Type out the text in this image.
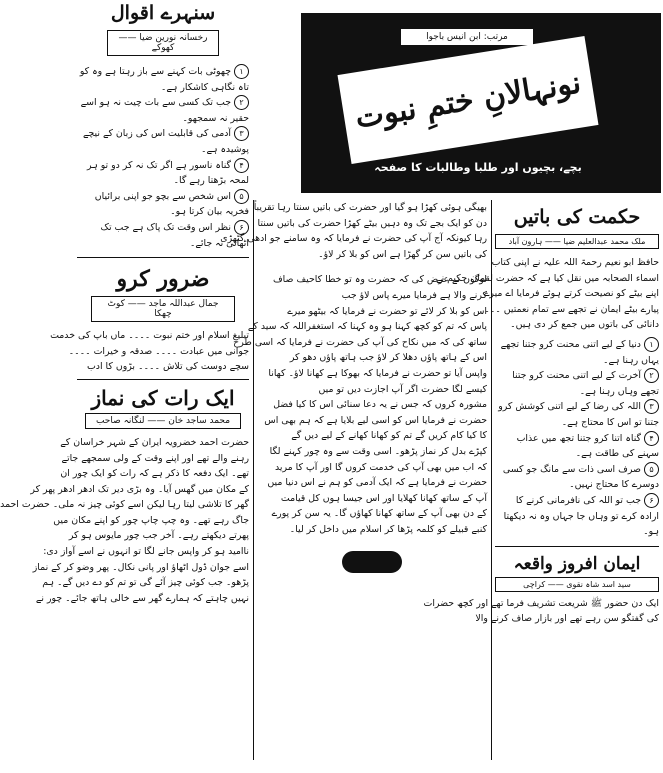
سنہرے اقوال
رخسانہ نورین ضیا —— کھوکے
۱چھوٹی بات کہنے سے باز رہتا ہے وہ کو تاہ نگاہی کاشکار ہے۔
۲جب تک کسی سے بات چیت نہ ہو اسے حقیر نہ سمجھو۔
۳آدمی کی قابلیت اس کی زبان کے نیچے پوشیدہ ہے۔
۴گناہ ناسور ہے اگر تک نہ کر دو تو ہر لمحہ بڑھتا رہے گا۔
۵اس شخص سے بچو جو اپنی برائیاں فخریہ بیان کرتا ہو۔
۶نظر اس وقت تک پاک ہے جب تک اٹھائی نہ جائے۔
ضرور کرو
جمال عبداللہ ماجد —— کوٹ چھکا
تبلیغ اسلام اور ختم نبوت ۔۔۔۔ ماں باپ کی خدمت
جوانی میں عبادت ۔۔۔۔ صدقہ و خیرات ۔۔۔۔
سچے دوست کی تلاش ۔۔۔۔ بڑوں کا ادب
ایک رات کی نماز
محمد ساجد خان —— لنگانہ صاحب
حضرت احمد خضرویہ ایران کے شہر خراسان کے
رہنے والے تھے اور اپنے وقت کے ولی سمجھے جاتے
تھے۔ ایک دفعہ کا ذکر ہے کہ رات کو ایک چور ان
کے مکان میں گھس آیا۔ وہ بڑی دیر تک ادھر ادھر پھر کر
گھر کا تلاشی لیتا رہا لیکن اسے کوئی چیز نہ ملی۔ حضرت احمد
جاگ رہے تھے۔ وہ چپ چاپ چور کو اپنے مکان میں
پھرتے دیکھتے رہے۔ آخر جب چور مایوس ہو کر
ناامید ہو کر واپس جانے لگا تو انہوں نے اسے آواز دی:
اسے جوان ڈول اٹھاؤ اور پانی نکال۔ پھر وضو کر کے نماز
پڑھو۔ جب کوئی چیز آئے گی تو تم کو دے دیں گے۔ ہم
نہیں چاہتے کہ ہمارے گھر سے خالی ہاتھ جائے۔ چور نے
مرتب: ابن انیس باجوا
نونہالانِ ختمِ نبوت
بچے، بچیوں اور طلبا وطالبات کا صفحہ
بھیگی ہوئی کھڑا ہو گیا اور حضرت کی باتیں سنتا رہا تقریباً
دن کو ایک بجے تک وہ دہیں بیٹے کھڑا حضرت کی باتیں سنتا
رہا کیونکہ آج آپ کی حضرت نے فرمایا کہ وہ سامنے جو ادھی گٹھڑی
کی باتیں سن کر گھڑا ہے اس کو بلا کر لاؤ۔
لوگوں نے عرض کی کہ حضرت وہ تو خطا کاحیف صاف
کرنے والا ہے فرمایا میرے پاس لاؤ جب
اس کو بلا کر لائے تو حضرت نے فرمایا کہ بیٹھو میرے
پاس کہ تم کو کچھ کہنا ہو وہ کہنا کہ استغفراللہ کہ سید کے
ساتھ کی کہ میں نکاح کی آپ کی حضرت نے فرمایا کہ اسی طرح
اس کے ہاتھ پاؤں دھلا کر لاؤ جب ہاتھ پاؤں دھو کر
واپس آیا تو حضرت نے فرمایا کہ بھوکا ہے کھانا لاؤ۔ کھانا
کیسے لگا حضرت اگر آپ اجازت دیں تو میں
مشورہ کروں کہ جس نے یہ دعا سنائی اس کا کیا فضل
حضرت نے فرمایا اس کو اسی لیے بلایا ہے کہ ہم بھی اس
کا کیا کام کریں گے تم کو کھانا کھانے کے لیے دیں گے
کپڑے بدل کر نماز پڑھو۔ اسی وقت سے وہ چور کہنے لگا
کہ اب میں بھی آپ کی خدمت کروں گا اور آپ کا مرید
حضرت نے فرمایا ہے کہ ایک آدمی کو ہم نے اس دنیا میں
آپ کے ساتھ کھانا کھلایا اور اس جیسا ہوں کل قیامت
کے دن بھی آپ کے ساتھ کھانا کھاؤں گا۔ یہ سن کر پورے
کنبے قبیلے کو کلمہ پڑھا کر اسلام میں داخل کر لیا۔
حکمت کی باتیں
ملک محمد عبدالعلیم ضیا —— ہارون آباد
حافظ ابو نعیم رحمۃ اللہ علیہ نے اپنی کتاب
اسماء الصحابہ میں نقل کیا ہے کہ حضرت لقمان حکیم نے
اپنے بیٹے کو نصیحت کرتے ہوئے فرمایا اے میرے
پیارے بیٹے ایمان نے تجھے سے تمام نعمتیں ۔۔۔
دانائی کی باتوں میں جمع کر دی ہیں۔
۱دنیا کے لیے اتنی محنت کرو جتنا تجھے یہاں رہنا ہے۔
۲آخرت کے لیے اتنی محنت کرو جتنا تجھے وہاں رہنا ہے۔
۳اللہ کی رضا کے لیے اتنی کوشش کرو جتنا تو اس کا محتاج ہے۔
۴گناہ اتنا کرو جتنا تجھ میں عذاب سہنے کی طاقت ہے۔
۵صرف اسی ذات سے مانگ جو کسی دوسرے کا محتاج نہیں۔
۶جب تو اللہ کی نافرمانی کرنے کا ارادہ کرے تو وہاں جا جہاں وہ نہ دیکھتا ہو۔
ایمان افروز واقعہ
سید اسد شاہ نقوی —— کراچی
ایک دن حضور ﷺ شریعت تشریف فرما تھے اور کچھ حضرات
کی گفتگو سن رہے تھے اور بازار صاف کرنے والا
